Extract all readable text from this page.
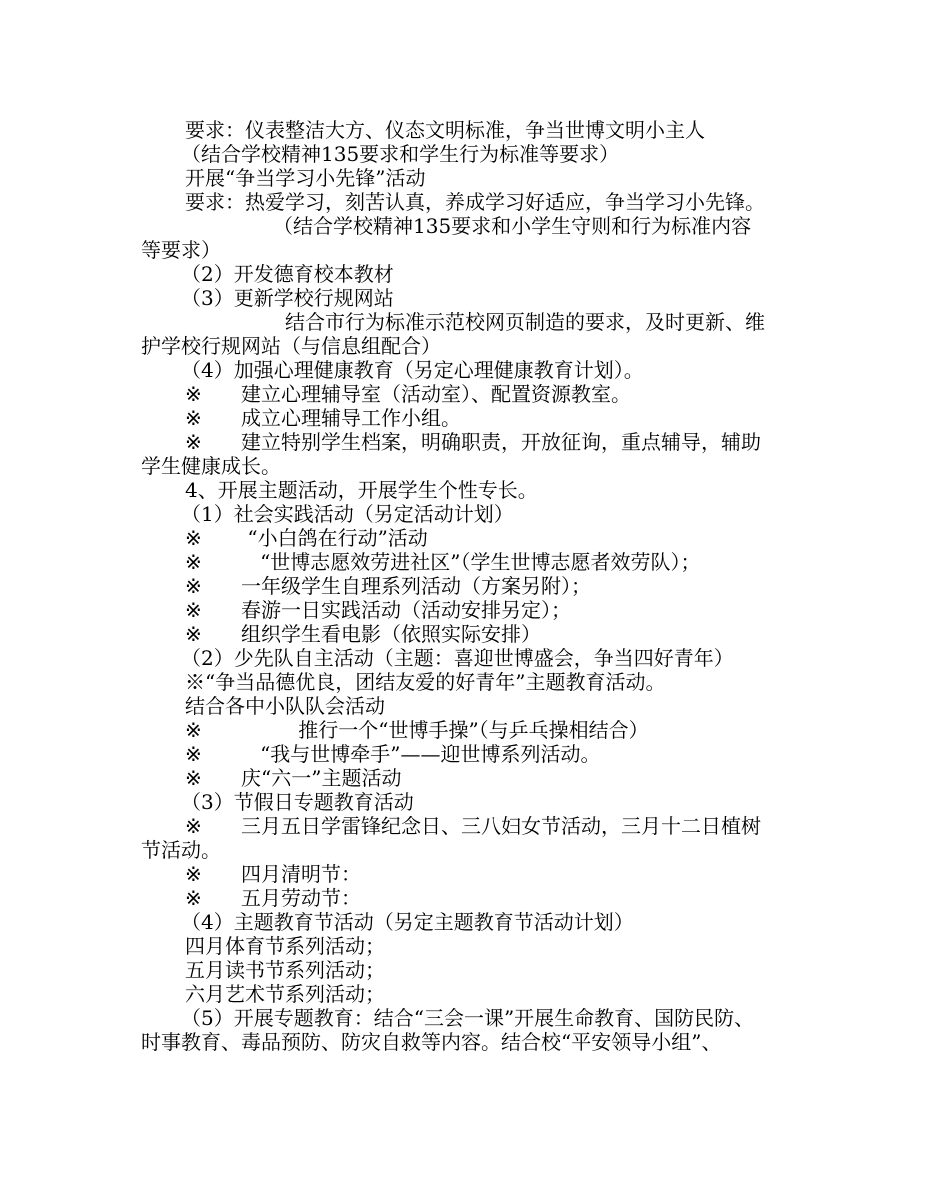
要求：仪表整洁大方、仪态文明标准，争当世博文明小主人
（结合学校精神135要求和学生行为标准等要求）
开展“争当学习小先锋”活动
要求：热爱学习，刻苦认真，养成学习好适应，争当学习小先锋。
（结合学校精神135要求和小学生守则和行为标准内容
等要求）
（2）开发德育校本教材
（3）更新学校行规网站
结合市行为标准示范校网页制造的要求，及时更新、维
护学校行规网站（与信息组配合）
（4）加强心理健康教育（另定心理健康教育计划）。
※	建立心理辅导室（活动室）、配置资源教室。
※	成立心理辅导工作小组。
※	建立特别学生档案，明确职责，开放征询，重点辅导，辅助
学生健康成长。
4、开展主题活动，开展学生个性专长。
（1）社会实践活动（另定活动计划）
※	“小白鸽在行动”活动
※	“世博志愿效劳进社区”（学生世博志愿者效劳队）；
※	一年级学生自理系列活动（方案另附）；
※	春游一日实践活动（活动安排另定）；
※	组织学生看电影（依照实际安排）
（2）少先队自主活动（主题：喜迎世博盛会，争当四好青年）
※“争当品德优良，团结友爱的好青年”主题教育活动。
结合各中小队队会活动
※	推行一个“世博手操”（与乒乓操相结合）
※	“我与世博牵手”——迎世博系列活动。
※	庆“六一”主题活动
（3）节假日专题教育活动
※	三月五日学雷锋纪念日、三八妇女节活动，三月十二日植树
节活动。
※	四月清明节：
※	五月劳动节：
（4）主题教育节活动（另定主题教育节活动计划）
四月体育节系列活动；
五月读书节系列活动；
六月艺术节系列活动；
（5）开展专题教育：结合“三会一课”开展生命教育、国防民防、
时事教育、毒品预防、防灾自救等内容。结合校“平安领导小组”、
